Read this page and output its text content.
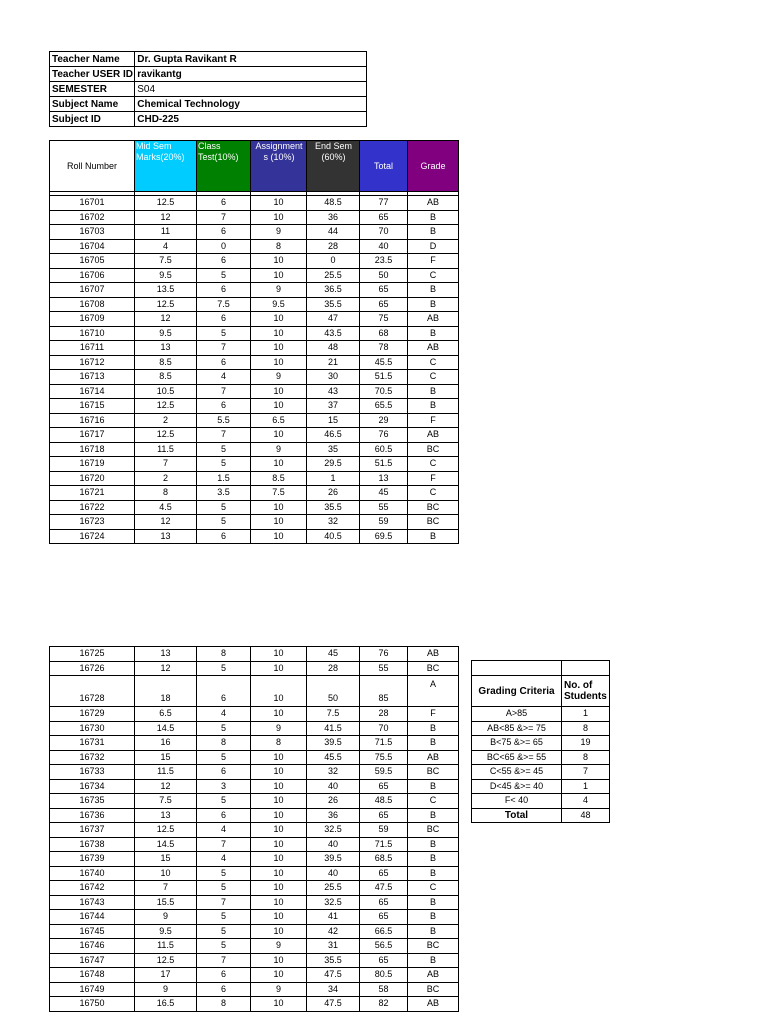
Teacher Name	Dr. Gupta Ravikant R
Teacher USER ID	ravikantg
SEMESTER	S04
Subject Name	Chemical Technology
Subject ID	CHD-225
Roll Number	Mid Sem Marks(20%)	Class Test(10%)	Assignment s (10%)	End Sem (60%)	Total	Grade

16701	12.5	6	10	48.5	77	AB
16702	12	7	10	36	65	B
16703	11	6	9	44	70	B
16704	4	0	8	28	40	D
16705	7.5	6	10	0	23.5	F
16706	9.5	5	10	25.5	50	C
16707	13.5	6	9	36.5	65	B
16708	12.5	7.5	9.5	35.5	65	B
16709	12	6	10	47	75	AB
16710	9.5	5	10	43.5	68	B
16711	13	7	10	48	78	AB
16712	8.5	6	10	21	45.5	C
16713	8.5	4	9	30	51.5	C
16714	10.5	7	10	43	70.5	B
16715	12.5	6	10	37	65.5	B
16716	2	5.5	6.5	15	29	F
16717	12.5	7	10	46.5	76	AB
16718	11.5	5	9	35	60.5	BC
16719	7	5	10	29.5	51.5	C
16720	2	1.5	8.5	1	13	F
16721	8	3.5	7.5	26	45	C
16722	4.5	5	10	35.5	55	BC
16723	12	5	10	32	59	BC
16724	13	6	10	40.5	69.5	B
16725	13	8	10	45	76	AB
16726	12	5	10	28	55	BC
16728	18	6	10	50	85	A
16729	6.5	4	10	7.5	28	F
16730	14.5	5	9	41.5	70	B
16731	16	8	8	39.5	71.5	B
16732	15	5	10	45.5	75.5	AB
16733	11.5	6	10	32	59.5	BC
16734	12	3	10	40	65	B
16735	7.5	5	10	26	48.5	C
16736	13	6	10	36	65	B
16737	12.5	4	10	32.5	59	BC
16738	14.5	7	10	40	71.5	B
16739	15	4	10	39.5	68.5	B
16740	10	5	10	40	65	B
16742	7	5	10	25.5	47.5	C
16743	15.5	7	10	32.5	65	B
16744	9	5	10	41	65	B
16745	9.5	5	10	42	66.5	B
16746	11.5	5	9	31	56.5	BC
16747	12.5	7	10	35.5	65	B
16748	17	6	10	47.5	80.5	AB
16749	9	6	9	34	58	BC
16750	16.5	8	10	47.5	82	AB

Grading Criteria	No. of Students
A>85	1
AB<85 &>= 75	8
B<75 &>= 65	19
BC<65 &>= 55	8
C<55 &>= 45	7
D<45 &>= 40	1
F< 40	4
Total	48
